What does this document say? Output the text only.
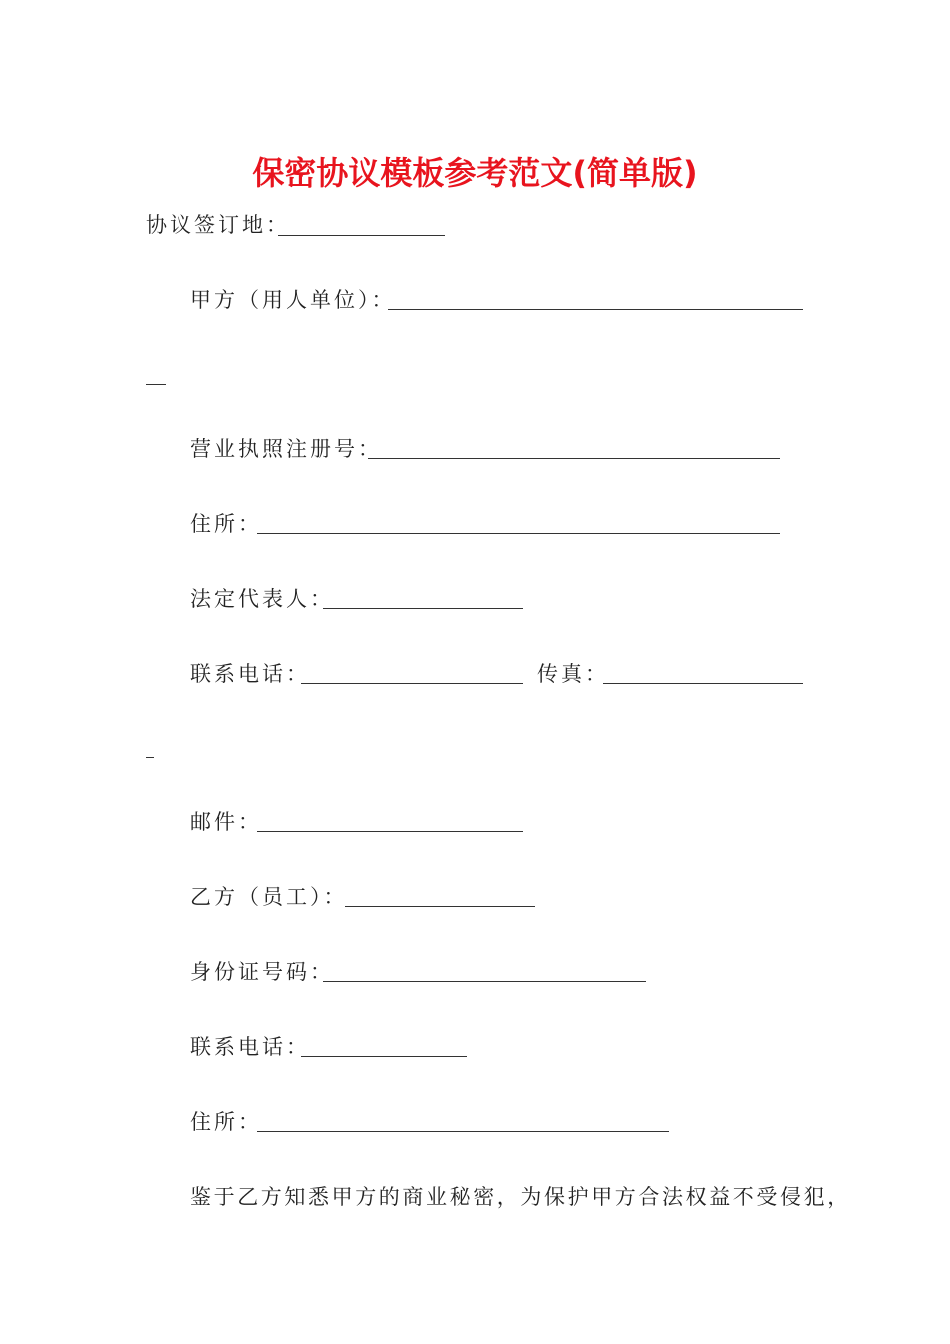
保密协议模板参考范文(简单版)
协议签订地：
甲方（用人单位）：
营业执照注册号：
住所：
法定代表人：
联系电话：	传真：
邮件：
乙方（员工）：
身份证号码：
联系电话：
住所：
鉴于乙方知悉甲方的商业秘密，为保护甲方合法权益不受侵犯，
